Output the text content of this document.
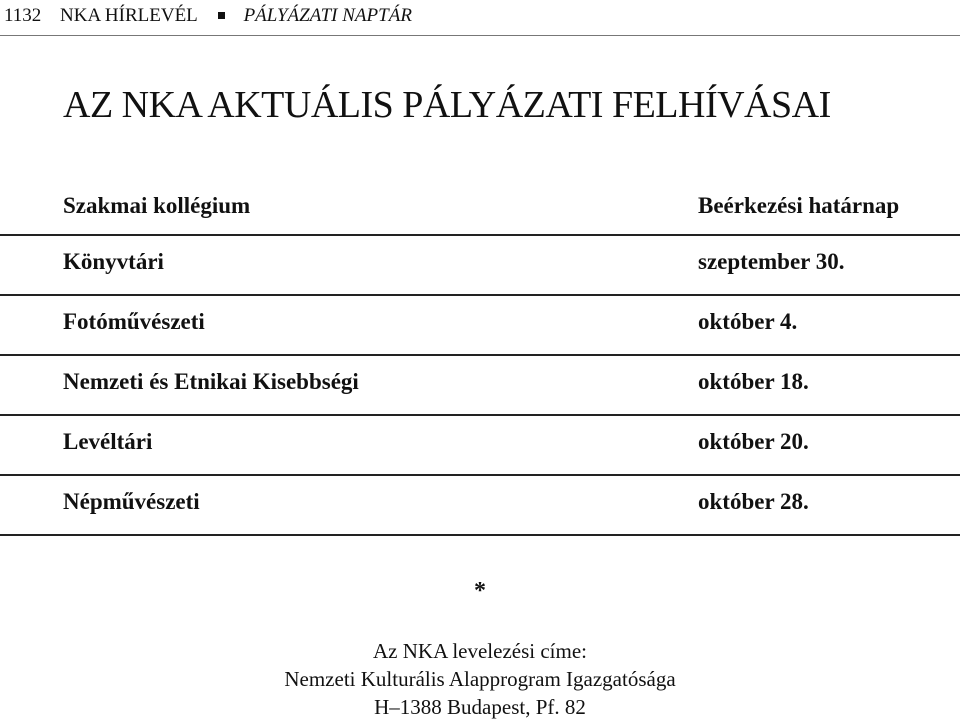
1132 NKA HÍRLEVÉL PÁLYÁZATI NAPTÁR
AZ NKA AKTUÁLIS PÁLYÁZATI FELHÍVÁSAI
Szakmai kollégium	Beérkezési határnap
Könyvtári	szeptember 30.
Fotóművészeti	október 4.
Nemzeti és Etnikai Kisebbségi	október 18.
Levéltári	október 20.
Népművészeti	október 28.
*
Az NKA levelezési címe:
Nemzeti Kulturális Alapprogram Igazgatósága
H–1388 Budapest, Pf. 82
